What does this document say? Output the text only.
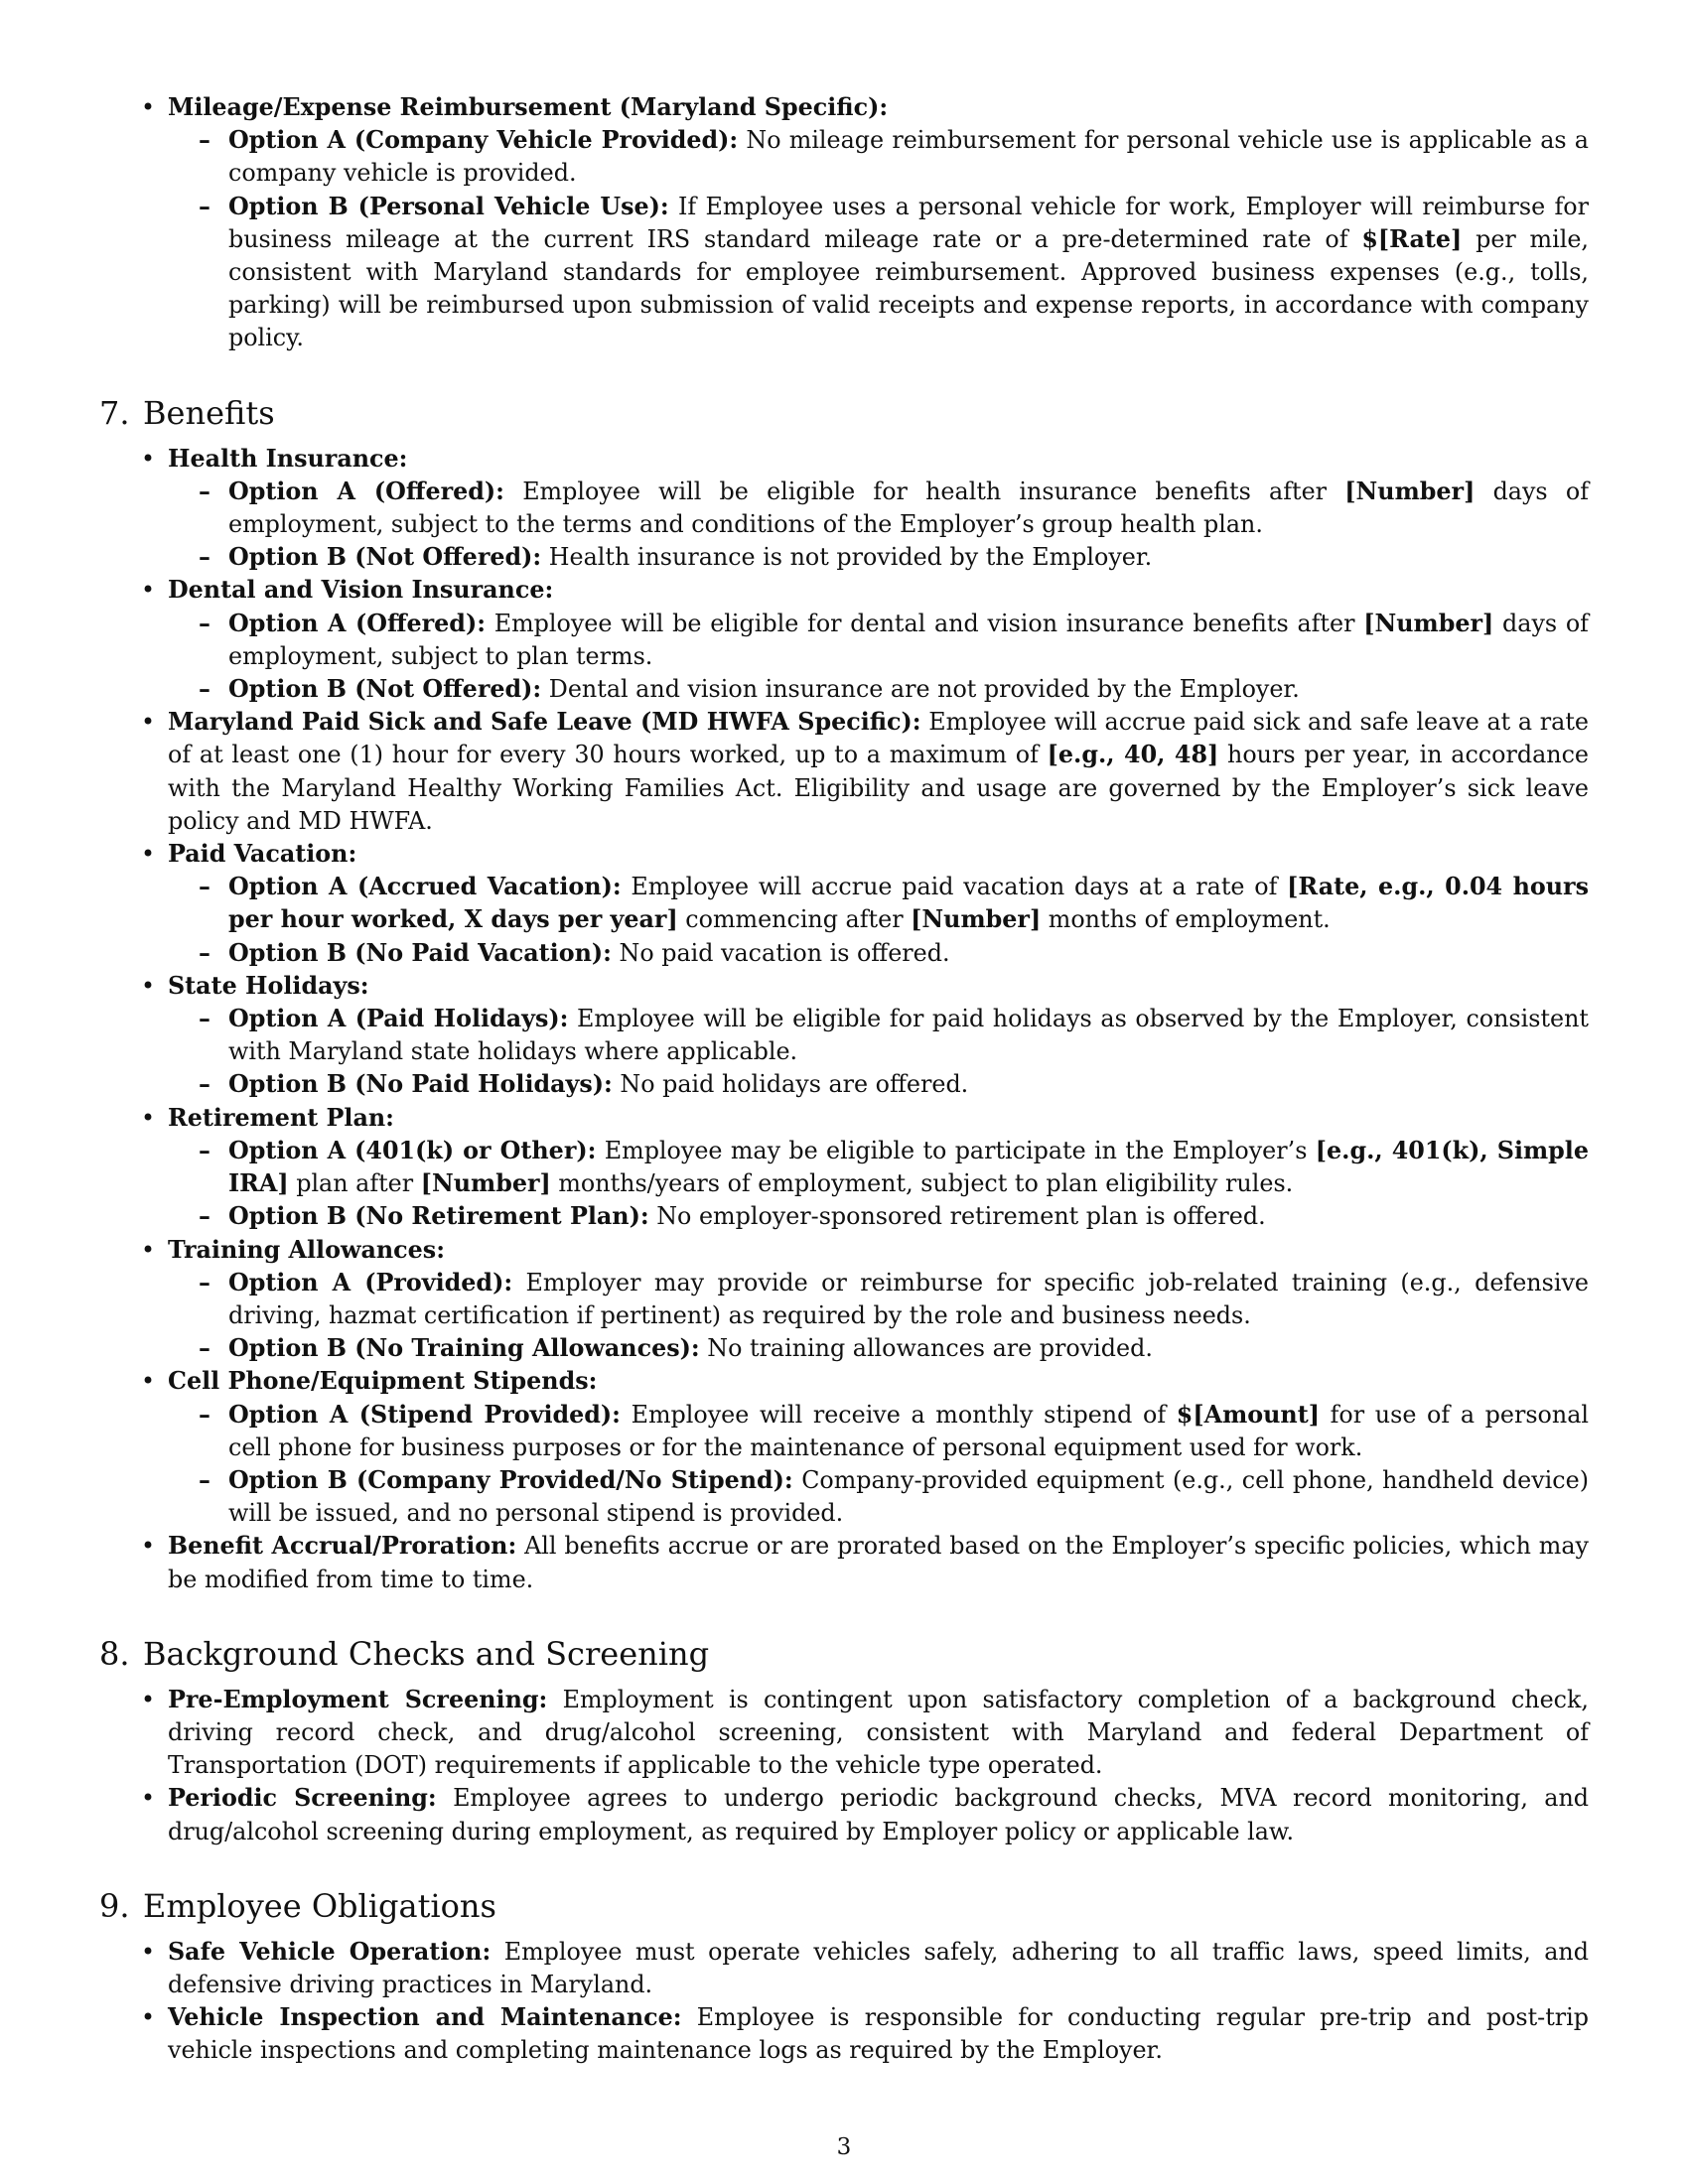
• Mileage/Expense Reimbursement (Maryland Specific):
– Option A (Company Vehicle Provided): No mileage reimbursement for personal vehicle use is applicable as a company vehicle is provided.
– Option B (Personal Vehicle Use): If Employee uses a personal vehicle for work, Employer will reimburse for business mileage at the current IRS standard mileage rate or a pre-determined rate of $[Rate] per mile, consistent with Maryland standards for employee reimbursement. Approved business expenses (e.g., tolls, parking) will be reimbursed upon submission of valid receipts and expense reports, in accordance with company policy.
7. Benefits
• Health Insurance:
– Option A (Offered): Employee will be eligible for health insurance benefits after [Number] days of employment, subject to the terms and conditions of the Employer’s group health plan.
– Option B (Not Offered): Health insurance is not provided by the Employer.
• Dental and Vision Insurance:
– Option A (Offered): Employee will be eligible for dental and vision insurance benefits after [Number] days of employment, subject to plan terms.
– Option B (Not Offered): Dental and vision insurance are not provided by the Employer.
• Maryland Paid Sick and Safe Leave (MD HWFA Specific): Employee will accrue paid sick and safe leave at a rate of at least one (1) hour for every 30 hours worked, up to a maximum of [e.g., 40, 48] hours per year, in accordance with the Maryland Healthy Working Families Act. Eligibility and usage are governed by the Employer’s sick leave policy and MD HWFA.
• Paid Vacation:
– Option A (Accrued Vacation): Employee will accrue paid vacation days at a rate of [Rate, e.g., 0.04 hours per hour worked, X days per year] commencing after [Number] months of employment.
– Option B (No Paid Vacation): No paid vacation is offered.
• State Holidays:
– Option A (Paid Holidays): Employee will be eligible for paid holidays as observed by the Employer, consistent with Maryland state holidays where applicable.
– Option B (No Paid Holidays): No paid holidays are offered.
• Retirement Plan:
– Option A (401(k) or Other): Employee may be eligible to participate in the Employer’s [e.g., 401(k), Simple IRA] plan after [Number] months/years of employment, subject to plan eligibility rules.
– Option B (No Retirement Plan): No employer-sponsored retirement plan is offered.
• Training Allowances:
– Option A (Provided): Employer may provide or reimburse for specific job-related training (e.g., defensive driving, hazmat certification if pertinent) as required by the role and business needs.
– Option B (No Training Allowances): No training allowances are provided.
• Cell Phone/Equipment Stipends:
– Option A (Stipend Provided): Employee will receive a monthly stipend of $[Amount] for use of a personal cell phone for business purposes or for the maintenance of personal equipment used for work.
– Option B (Company Provided/No Stipend): Company-provided equipment (e.g., cell phone, handheld device) will be issued, and no personal stipend is provided.
• Benefit Accrual/Proration: All benefits accrue or are prorated based on the Employer’s specific policies, which may be modified from time to time.
8. Background Checks and Screening
• Pre-Employment Screening: Employment is contingent upon satisfactory completion of a background check, driving record check, and drug/alcohol screening, consistent with Maryland and federal Department of Transportation (DOT) requirements if applicable to the vehicle type operated.
• Periodic Screening: Employee agrees to undergo periodic background checks, MVA record monitoring, and drug/alcohol screening during employment, as required by Employer policy or applicable law.
9. Employee Obligations
• Safe Vehicle Operation: Employee must operate vehicles safely, adhering to all traffic laws, speed limits, and defensive driving practices in Maryland.
• Vehicle Inspection and Maintenance: Employee is responsible for conducting regular pre-trip and post-trip vehicle inspections and completing maintenance logs as required by the Employer.
3
